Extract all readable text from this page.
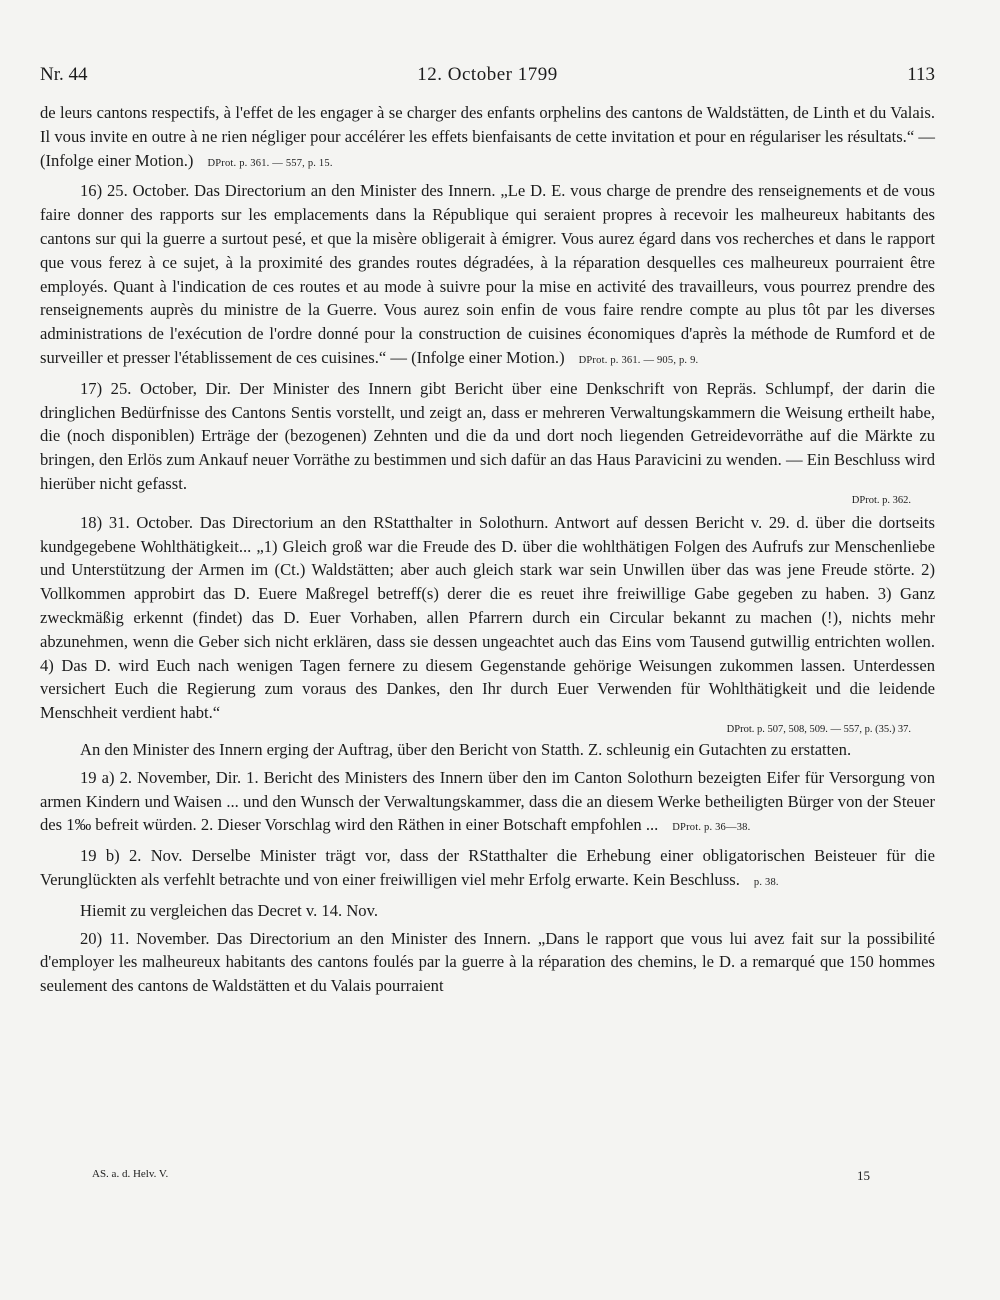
Nr. 44	12. October 1799	113

de leurs cantons respectifs, à l'effet de les engager à se charger des enfants orphelins des cantons de Waldstätten, de Linth et du Valais. Il vous invite en outre à ne rien négliger pour accélérer les effets bienfaisants de cette invitation et pour en régulariser les résultats.“ — (Infolge einer Motion.) DProt. p. 361. — 557, p. 15.

16) 25. October. Das Directorium an den Minister des Innern. „Le D. E. vous charge de prendre des renseignements et de vous faire donner des rapports sur les emplacements dans la République qui seraient propres à recevoir les malheureux habitants des cantons sur qui la guerre a surtout pesé, et que la misère obligerait à émigrer. Vous aurez égard dans vos recherches et dans le rapport que vous ferez à ce sujet, à la proximité des grandes routes dégradées, à la réparation desquelles ces malheureux pourraient être employés. Quant à l'indication de ces routes et au mode à suivre pour la mise en activité des travailleurs, vous pourrez prendre des renseignements auprès du ministre de la Guerre. Vous aurez soin enfin de vous faire rendre compte au plus tôt par les diverses administrations de l'exécution de l'ordre donné pour la construction de cuisines économiques d'après la méthode de Rumford et de surveiller et presser l'établissement de ces cuisines.“ — (Infolge einer Motion.) DProt. p. 361. — 905, p. 9.

17) 25. October, Dir. Der Minister des Innern gibt Bericht über eine Denkschrift von Repräs. Schlumpf, der darin die dringlichen Bedürfnisse des Cantons Sentis vorstellt, und zeigt an, dass er mehreren Verwaltungskammern die Weisung ertheilt habe, die (noch disponiblen) Erträge der (bezogenen) Zehnten und die da und dort noch liegenden Getreidevorräthe auf die Märkte zu bringen, den Erlös zum Ankauf neuer Vorräthe zu bestimmen und sich dafür an das Haus Paravicini zu wenden. — Ein Beschluss wird hierüber nicht gefasst.

DProt. p. 362.

18) 31. October. Das Directorium an den RStatthalter in Solothurn. Antwort auf dessen Bericht v. 29. d. über die dortseits kundgegebene Wohlthätigkeit... „1) Gleich groß war die Freude des D. über die wohlthätigen Folgen des Aufrufs zur Menschenliebe und Unterstützung der Armen im (Ct.) Waldstätten; aber auch gleich stark war sein Unwillen über das was jene Freude störte. 2) Vollkommen approbirt das D. Euere Maßregel betreff(s) derer die es reuet ihre freiwillige Gabe gegeben zu haben. 3) Ganz zweckmäßig erkennt (findet) das D. Euer Vorhaben, allen Pfarrern durch ein Circular bekannt zu machen (!), nichts mehr abzunehmen, wenn die Geber sich nicht erklären, dass sie dessen ungeachtet auch das Eins vom Tausend gutwillig entrichten wollen. 4) Das D. wird Euch nach wenigen Tagen fernere zu diesem Gegenstande gehörige Weisungen zukommen lassen. Unterdessen versichert Euch die Regierung zum voraus des Dankes, den Ihr durch Euer Verwenden für Wohlthätigkeit und die leidende Menschheit verdient habt.“

DProt. p. 507, 508, 509. — 557, p. (35.) 37.

An den Minister des Innern erging der Auftrag, über den Bericht von Statth. Z. schleunig ein Gutachten zu erstatten.

19 a) 2. November, Dir. 1. Bericht des Ministers des Innern über den im Canton Solothurn bezeigten Eifer für Versorgung von armen Kindern und Waisen ... und den Wunsch der Verwaltungskammer, dass die an diesem Werke betheiligten Bürger von der Steuer des 1‰ befreit würden. 2. Dieser Vorschlag wird den Räthen in einer Botschaft empfohlen ... DProt. p. 36—38.

19 b) 2. Nov. Derselbe Minister trägt vor, dass der RStatthalter die Erhebung einer obligatorischen Beisteuer für die Verunglückten als verfehlt betrachte und von einer freiwilligen viel mehr Erfolg erwarte. Kein Beschluss. p. 38.

Hiemit zu vergleichen das Decret v. 14. Nov.

20) 11. November. Das Directorium an den Minister des Innern. „Dans le rapport que vous lui avez fait sur la possibilité d'employer les malheureux habitants des cantons foulés par la guerre à la réparation des chemins, le D. a remarqué que 150 hommes seulement des cantons de Waldstätten et du Valais pourraient

AS. a. d. Helv. V.	15
